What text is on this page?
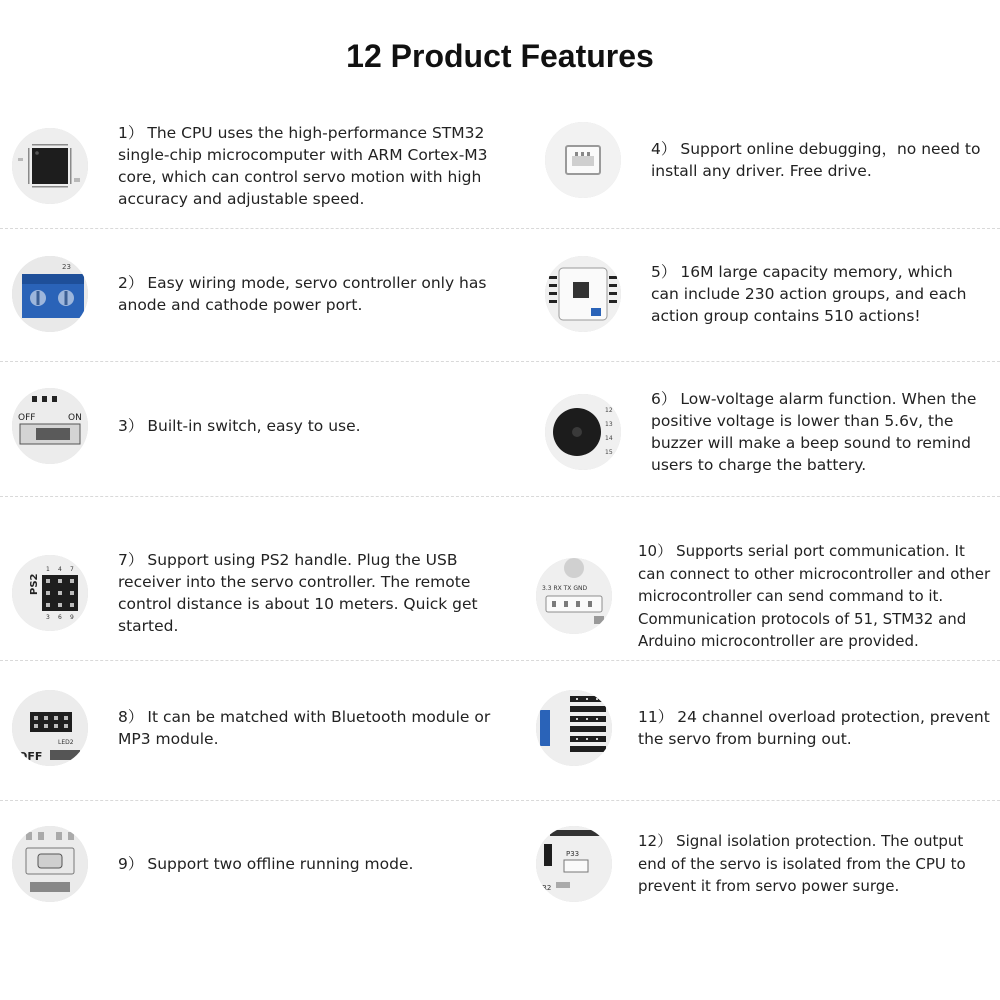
12 Product Features
1） The CPU uses the high-performance STM32 single-chip microcomputer with ARM Cortex-M3 core, which can control servo motion with high accuracy and adjustable speed.
4） Support online debugging，no need to install any driver. Free drive.
23
2） Easy wiring mode, servo controller only has anode and cathode power port.
5） 16M large capacity memory, which can include 230 action groups, and each action group contains 510 actions!
OFF	ON 3） Built-in switch, easy to use.
12
13
14
15
6） Low-voltage alarm function. When the positive voltage is lower than 5.6v, the buzzer will make a beep sound to remind users to charge the battery.
PS2
1 4 7
3 6 9
7） Support using PS2 handle. Plug the USB receiver into the servo controller. The remote control distance is about 10 meters. Quick get started.
3.3 RX TX GND
10） Supports serial port communication. It can connect to other microcontroller and other microcontroller can send command to it. Communication protocols of 51, STM32 and Arduino microcontroller are provided.
LED2
OFF
8） It can be matched with Bluetooth module or MP3 module.
11） 24 channel overload protection, prevent the servo from burning out.
9） Support two offline running mode.
P33
R2
12） Signal isolation protection. The output end of the servo is isolated from the CPU to prevent it from servo power surge.
